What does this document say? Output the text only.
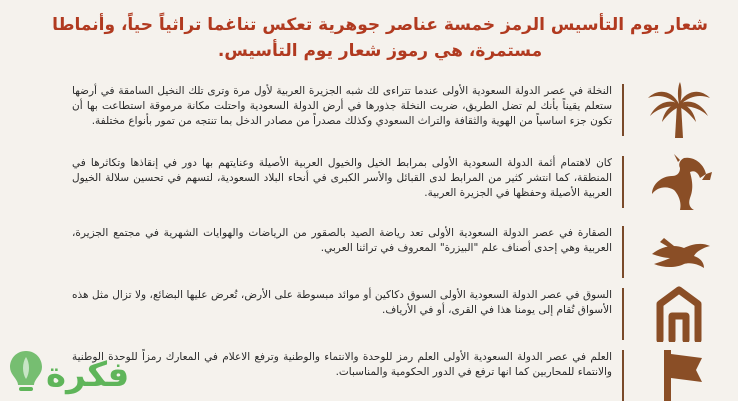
شعار يوم التأسيس الرمز خمسة عناصر جوهرية تعكس تناغما تراثياً حياً، وأنماطا مستمرة، هي رموز شعار يوم التأسيس.

النخلة في عصر الدولة السعودية الأولى عندما تتراءى لك شبه الجزيرة العربية لأول مرة وترى تلك النخيل السامقة في أرضها ستعلم يقيناً بأنك لم تضل الطريق، ضربت النخلة جذورها في أرض الدولة السعودية واحتلت مكانة مرموقة استطاعت بها أن تكون جزء اساسياً من الهوية والثقافة والتراث السعودي وكذلك مصدراً من مصادر الدخل بما تنتجه من تمور بأنواع مختلفة.

كان لاهتمام أئمة الدولة السعودية الأولى بمرابط الخيل والخيول العربية الأصيلة وعنايتهم بها دور في إنقاذها وتكاثرها في المنطقة، كما انتشر كثير من المرابط لدى القبائل والأسر الكبرى في أنحاء البلاد السعودية، لتسهم في تحسين سلالة الخيول العربية الأصيلة وحفظها في الجزيرة العربية.

الصقارة في عصر الدولة السعودية الأولى تعد رياضة الصيد بالصقور من الرياضات والهوايات الشهرية في مجتمع الجزيرة، العربية وهي إحدى أصناف علم "البيزرة" المعروف في تراثنا العربي.

السوق في عصر الدولة السعودية الأولى السوق دكاكين أو موائد مبسوطة على الأرض، تُعرض عليها البضائع، ولا تزال مثل هذه الأسواق تُقام إلى يومنا هذا في القرى، أو في الأرياف.

العلم في عصر الدولة السعودية الأولى العلم رمز للوحدة والانتماء والوطنية وترفع الاعلام في المعارك رمزاً للوحدة الوطنية والانتماء للمحاربين كما انها ترفع في الدور الحكومية والمناسبات.

فكرة
